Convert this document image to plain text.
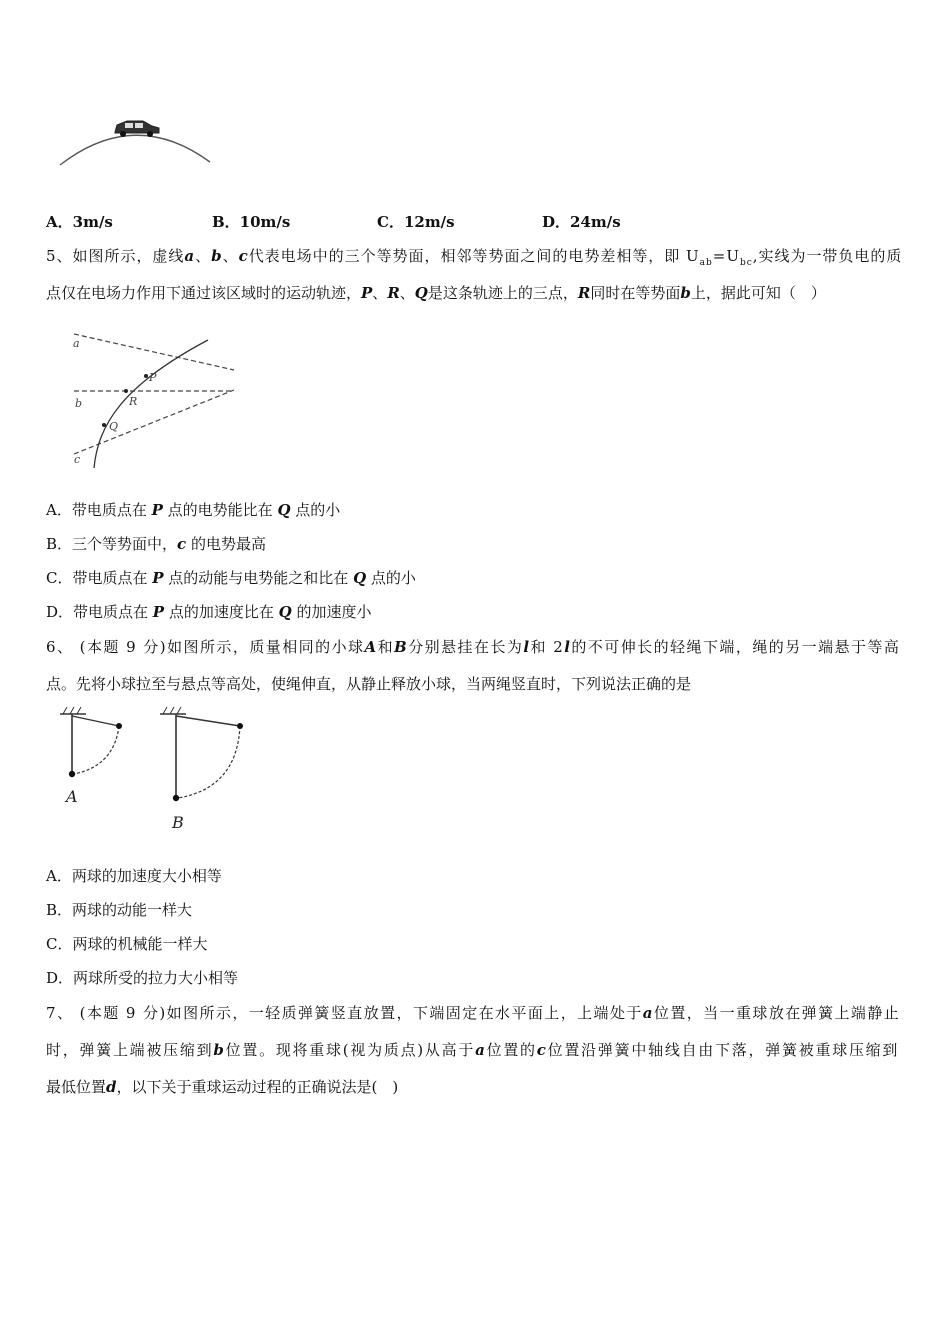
A．3m/s	B．10m/s	C．12m/s	D．24m/s
5、如图所示，虚线a、b、c代表电场中的三个等势面，相邻等势面之间的电势差相等，即 $U_{ab}=U_{bc}$,实线为一带负电的质
点仅在电场力作用下通过该区域时的运动轨迹，P、R、Q是这条轨迹上的三点，R同时在等势面b上，据此可知（　）
a
b
c
P
R
Q
A．带电质点在 P 点的电势能比在 Q 点的小
B．三个等势面中，c 的电势最高
C．带电质点在 P 点的动能与电势能之和比在 Q 点的小
D．带电质点在 P 点的加速度比在 Q 的加速度小
6、 (本题 9 分)如图所示，质量相同的小球A和B分别悬挂在长为l和 2l的不可伸长的轻绳下端，绳的另一端悬于等高
点。先将小球拉至与悬点等高处，使绳伸直，从静止释放小球，当两绳竖直时，下列说法正确的是
A
B
A．两球的加速度大小相等
B．两球的动能一样大
C．两球的机械能一样大
D．两球所受的拉力大小相等
7、 (本题 9 分)如图所示，一轻质弹簧竖直放置，下端固定在水平面上，上端处于a位置，当一重球放在弹簧上端静止
时，弹簧上端被压缩到b位置。现将重球(视为质点)从高于a位置的c位置沿弹簧中轴线自由下落，弹簧被重球压缩到
最低位置d，以下关于重球运动过程的正确说法是(　)
